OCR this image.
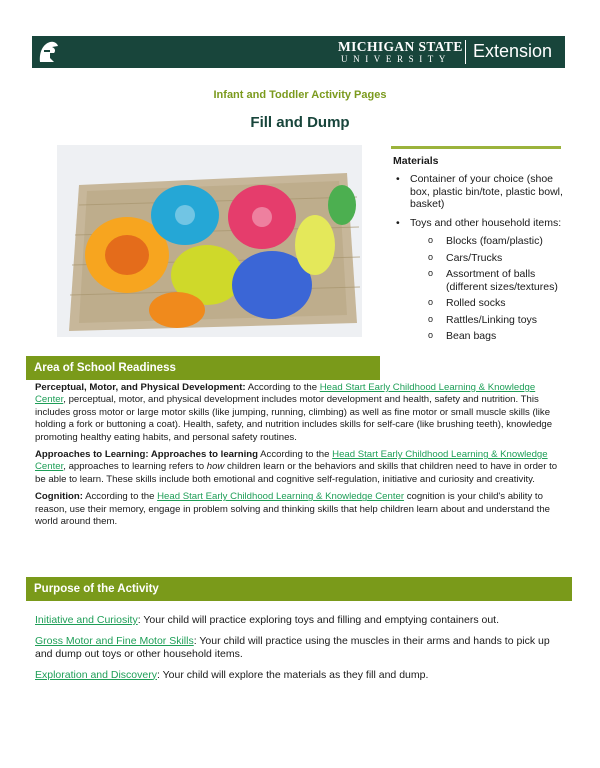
MICHIGAN STATE
UNIVERSITY Extension
Infant and Toddler Activity Pages
Fill and Dump
Materials
• Container of your choice (shoe box, plastic bin/tote, plastic bowl, basket)
• Toys and other household items:
o Blocks (foam/plastic)
o Cars/Trucks
o Assortment of balls (different sizes/textures)
o Rolled socks
o Rattles/Linking toys
o Bean bags
Area of School Readiness
Perceptual, Motor, and Physical Development: According to the Head Start Early Childhood Learning & Knowledge Center, perceptual, motor, and physical development includes motor development and health, safety and nutrition. This includes gross motor or large motor skills (like jumping, running, climbing) as well as fine motor or small muscle skills (like holding a fork or buttoning a coat). Health, safety, and nutrition includes skills for self-care (like brushing teeth), knowledge promoting healthy eating habits, and personal safety routines.
Approaches to Learning: Approaches to learning According to the Head Start Early Childhood Learning & Knowledge Center, approaches to learning refers to how children learn or the behaviors and skills that children need to have in order to be able to learn. These skills include both emotional and cognitive self-regulation, initiative and curiosity and creativity.
Cognition: According to the Head Start Early Childhood Learning & Knowledge Center cognition is your child's ability to reason, use their memory, engage in problem solving and thinking skills that help children learn about and understand the world around them.
Purpose of the Activity
Initiative and Curiosity: Your child will practice exploring toys and filling and emptying containers out.
Gross Motor and Fine Motor Skills: Your child will practice using the muscles in their arms and hands to pick up and dump out toys or other household items.
Exploration and Discovery: Your child will explore the materials as they fill and dump.
